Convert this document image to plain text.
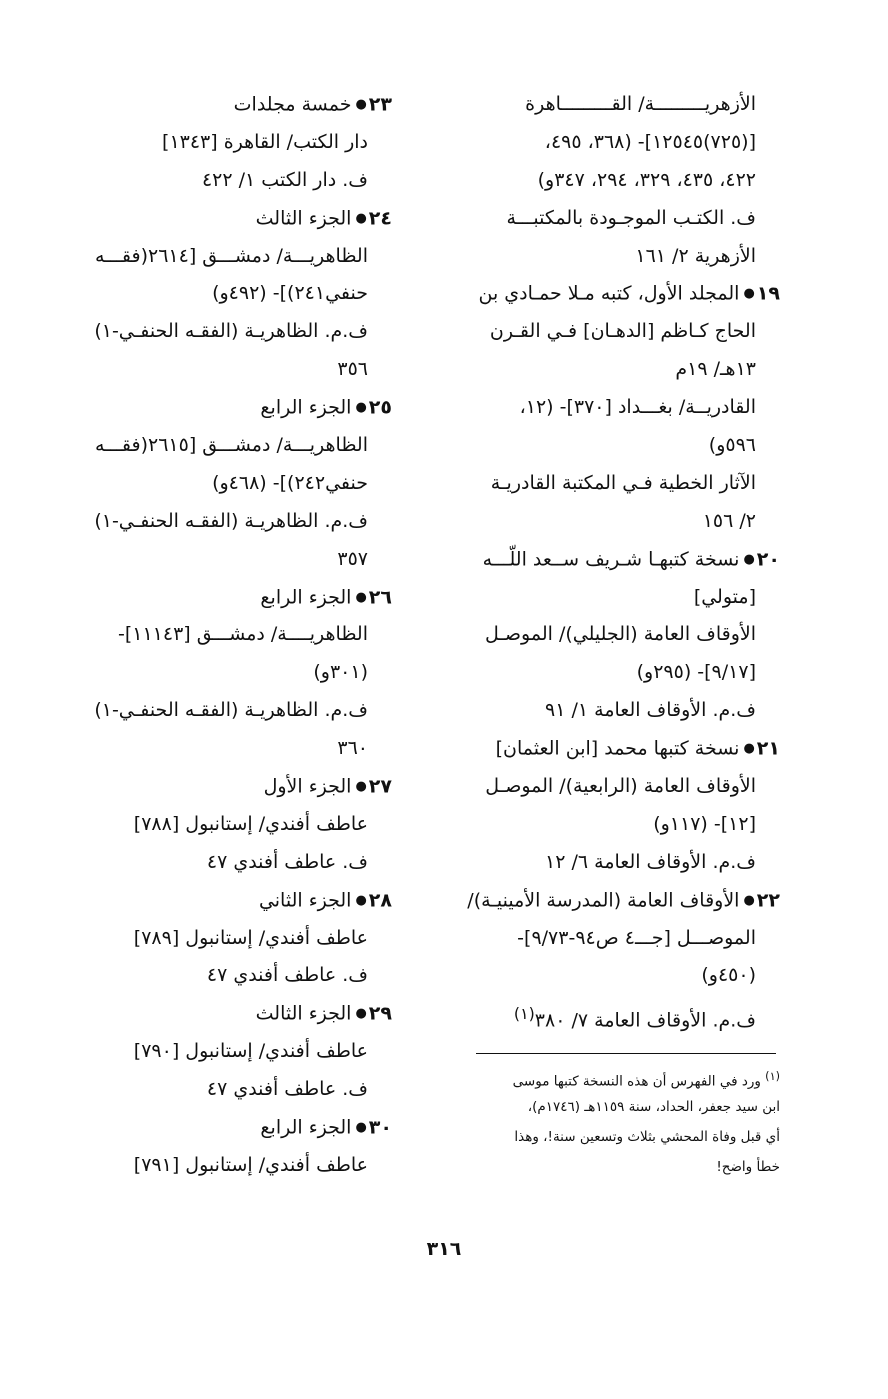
الأزهريـــــــــة/ القـــــــــاهرة
[(٧٢٥)١٢٥٤٥]- (٣٦٨، ٤٩٥،
٤٢٢، ٤٣٥، ٣٢٩، ٢٩٤، ٣٤٧و)
ف. الكتـب الموجـودة بالمكتبـــة
الأزهرية ٢/ ١٦١
١٩●المجلد الأول، كتبه مـلا حمـادي بن
الحاج كـاظم [الدهـان] فـي القـرن
١٣هـ/ ١٩م
القادريــة/ بغـــداد [٣٧٠]- (١٢،
٥٩٦و)
الآثار الخطية فـي المكتبة القادريـة
٢/ ١٥٦
٢٠●نسخة كتبهـا شـريف ســعد اللّـــه
[متولي]
الأوقاف العامة (الجليلي)/ الموصـل
[٩/١٧]- (٢٩٥و)
ف.م. الأوقاف العامة ١/ ٩١
٢١●نسخة كتبها محمد [ابن العثمان]
الأوقاف العامة (الرابعية)/ الموصـل
[١٢]- (١١٧و)
ف.م. الأوقاف العامة ٦/ ١٢
٢٢●الأوقاف العامة (المدرسة الأمينيـة)/
الموصـــل [جـــ٤ ص٩٤-٩/٧٣]-
(٤٥٠و)
ف.م. الأوقاف العامة ٧/ ٣٨٠$^{(١)}$
٢٣●خمسة مجلدات
دار الكتب/ القاهرة [١٣٤٣]
ف. دار الكتب ١/ ٤٢٢
٢٤●الجزء الثالث
الظاهريـــة/ دمشـــق [٢٦١٤(فقـــه
حنفي٢٤١)]- (٤٩٢و)
ف.م. الظاهريـة (الفقـه الحنفـي-١)
٣٥٦
٢٥●الجزء الرابع
الظاهريـــة/ دمشـــق [٢٦١٥(فقـــه
حنفي٢٤٢)]- (٤٦٨و)
ف.م. الظاهريـة (الفقـه الحنفـي-١)
٣٥٧
٢٦●الجزء الرابع
الظاهريــــة/ دمشـــق [١١١٤٣]-
(٣٠١و)
ف.م. الظاهريـة (الفقـه الحنفـي-١)
٣٦٠
٢٧●الجزء الأول
عاطف أفندي/ إستانبول [٧٨٨]
ف. عاطف أفندي ٤٧
٢٨●الجزء الثاني
عاطف أفندي/ إستانبول [٧٨٩]
ف. عاطف أفندي ٤٧
٢٩●الجزء الثالث
عاطف أفندي/ إستانبول [٧٩٠]
ف. عاطف أفندي ٤٧
٣٠●الجزء الرابع
عاطف أفندي/ إستانبول [٧٩١]
$^{(١)}$ ورد في الفهرس أن هذه النسخة كتبها موسى
ابن سيد جعفر، الحداد، سنة ١١٥٩هـ (١٧٤٦م)،
أي قبل وفاة المحشي بثلاث وتسعين سنة!، وهذا
خطأ واضح!
٣١٦
